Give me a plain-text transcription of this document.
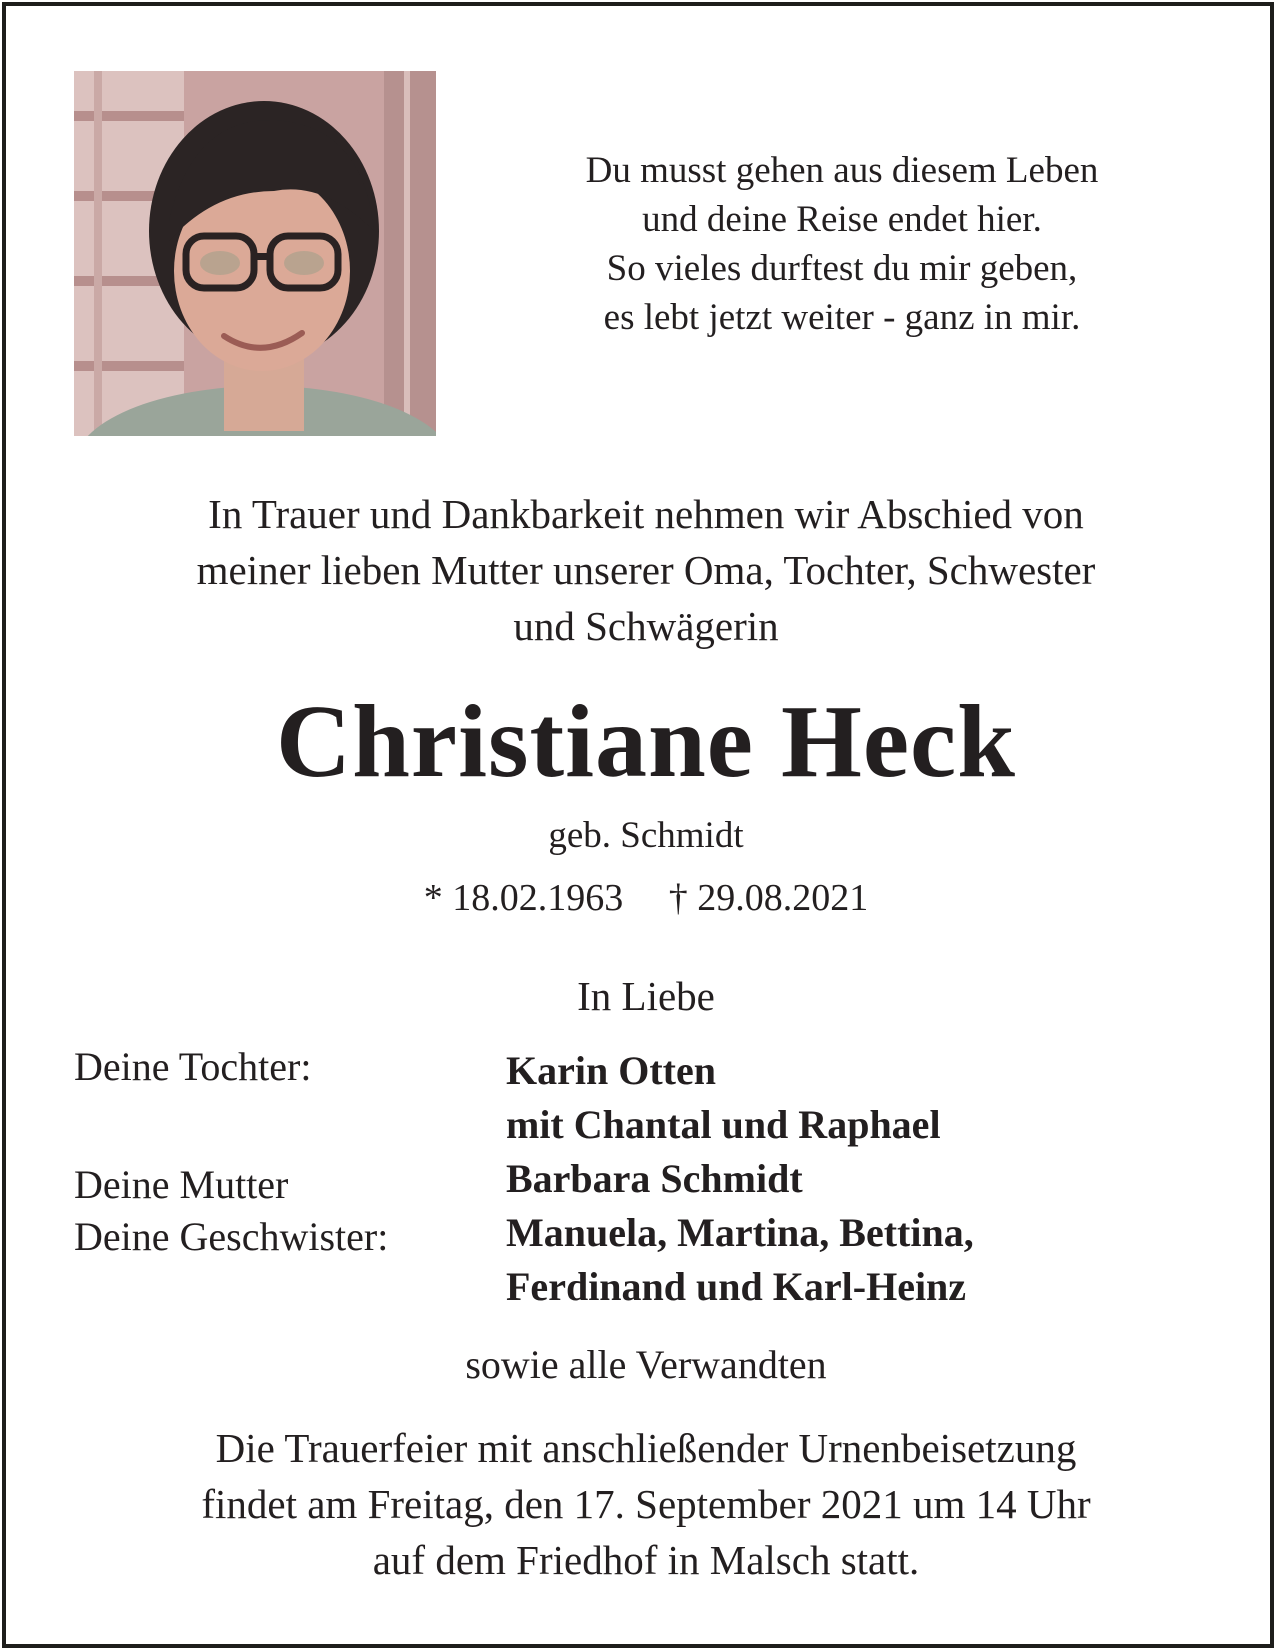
Du musst gehen aus diesem Leben
und deine Reise endet hier.
So vieles durftest du mir geben,
es lebt jetzt weiter - ganz in mir.
In Trauer und Dankbarkeit nehmen wir Abschied von
meiner lieben Mutter unserer Oma, Tochter, Schwester
und Schwägerin
Christiane Heck
geb. Schmidt
* 18.02.1963 † 29.08.2021
In Liebe
Deine Tochter:	Karin Otten
mit Chantal und Raphael
Deine Mutter	Barbara Schmidt
Deine Geschwister:	Manuela, Martina, Bettina,
Ferdinand und Karl-Heinz
sowie alle Verwandten
Die Trauerfeier mit anschließender Urnenbeisetzung
findet am Freitag, den 17. September 2021 um 14 Uhr
auf dem Friedhof in Malsch statt.
